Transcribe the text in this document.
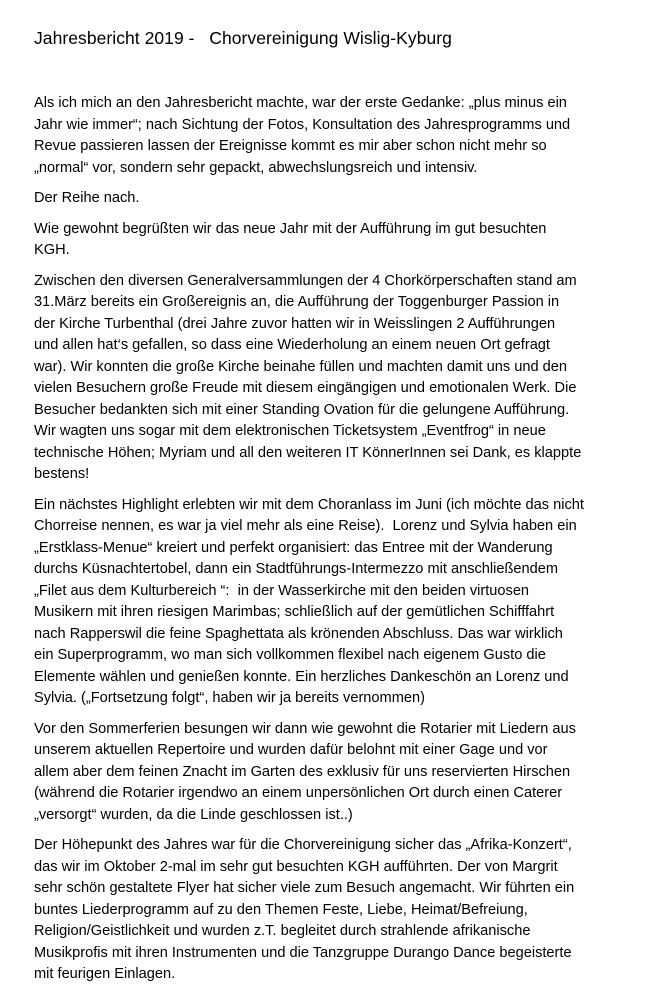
Jahresbericht 2019 -   Chorvereinigung Wislig-Kyburg
Als ich mich an den Jahresbericht machte, war der erste Gedanke: „plus minus ein
Jahr wie immer“; nach Sichtung der Fotos, Konsultation des Jahresprogramms und
Revue passieren lassen der Ereignisse kommt es mir aber schon nicht mehr so
„normal“ vor, sondern sehr gepackt, abwechslungsreich und intensiv.
Der Reihe nach.
Wie gewohnt begrüßten wir das neue Jahr mit der Aufführung im gut besuchten
KGH.
Zwischen den diversen Generalversammlungen der 4 Chorkörperschaften stand am
31.März bereits ein Großereignis an, die Aufführung der Toggenburger Passion in
der Kirche Turbenthal (drei Jahre zuvor hatten wir in Weisslingen 2 Aufführungen
und allen hat‘s gefallen, so dass eine Wiederholung an einem neuen Ort gefragt
war). Wir konnten die große Kirche beinahe füllen und machten damit uns und den
vielen Besuchern große Freude mit diesem eingängigen und emotionalen Werk. Die
Besucher bedankten sich mit einer Standing Ovation für die gelungene Aufführung.
Wir wagten uns sogar mit dem elektronischen Ticketsystem „Eventfrog“ in neue
technische Höhen; Myriam und all den weiteren IT KönnerInnen sei Dank, es klappte
bestens!
Ein nächstes Highlight erlebten wir mit dem Choranlass im Juni (ich möchte das nicht
Chorreise nennen, es war ja viel mehr als eine Reise).  Lorenz und Sylvia haben ein
„Erstklass-Menue“ kreiert und perfekt organisiert: das Entree mit der Wanderung
durchs Küsnachtertobel, dann ein Stadtführungs-Intermezzo mit anschließendem
„Filet aus dem Kulturbereich “:  in der Wasserkirche mit den beiden virtuosen
Musikern mit ihren riesigen Marimbas; schließlich auf der gemütlichen Schifffahrt
nach Rapperswil die feine Spaghettata als krönenden Abschluss. Das war wirklich
ein Superprogramm, wo man sich vollkommen flexibel nach eigenem Gusto die
Elemente wählen und genießen konnte. Ein herzliches Dankeschön an Lorenz und
Sylvia. („Fortsetzung folgt“, haben wir ja bereits vernommen)
Vor den Sommerferien besungen wir dann wie gewohnt die Rotarier mit Liedern aus
unserem aktuellen Repertoire und wurden dafür belohnt mit einer Gage und vor
allem aber dem feinen Znacht im Garten des exklusiv für uns reservierten Hirschen
(während die Rotarier irgendwo an einem unpersönlichen Ort durch einen Caterer
„versorgt“ wurden, da die Linde geschlossen ist..)
Der Höhepunkt des Jahres war für die Chorvereinigung sicher das „Afrika-Konzert“,
das wir im Oktober 2-mal im sehr gut besuchten KGH aufführten. Der von Margrit
sehr schön gestaltete Flyer hat sicher viele zum Besuch angemacht. Wir führten ein
buntes Liederprogramm auf zu den Themen Feste, Liebe, Heimat/Befreiung,
Religion/Geistlichkeit und wurden z.T. begleitet durch strahlende afrikanische
Musikprofis mit ihren Instrumenten und die Tanzgruppe Durango Dance begeisterte
mit feurigen Einlagen.
